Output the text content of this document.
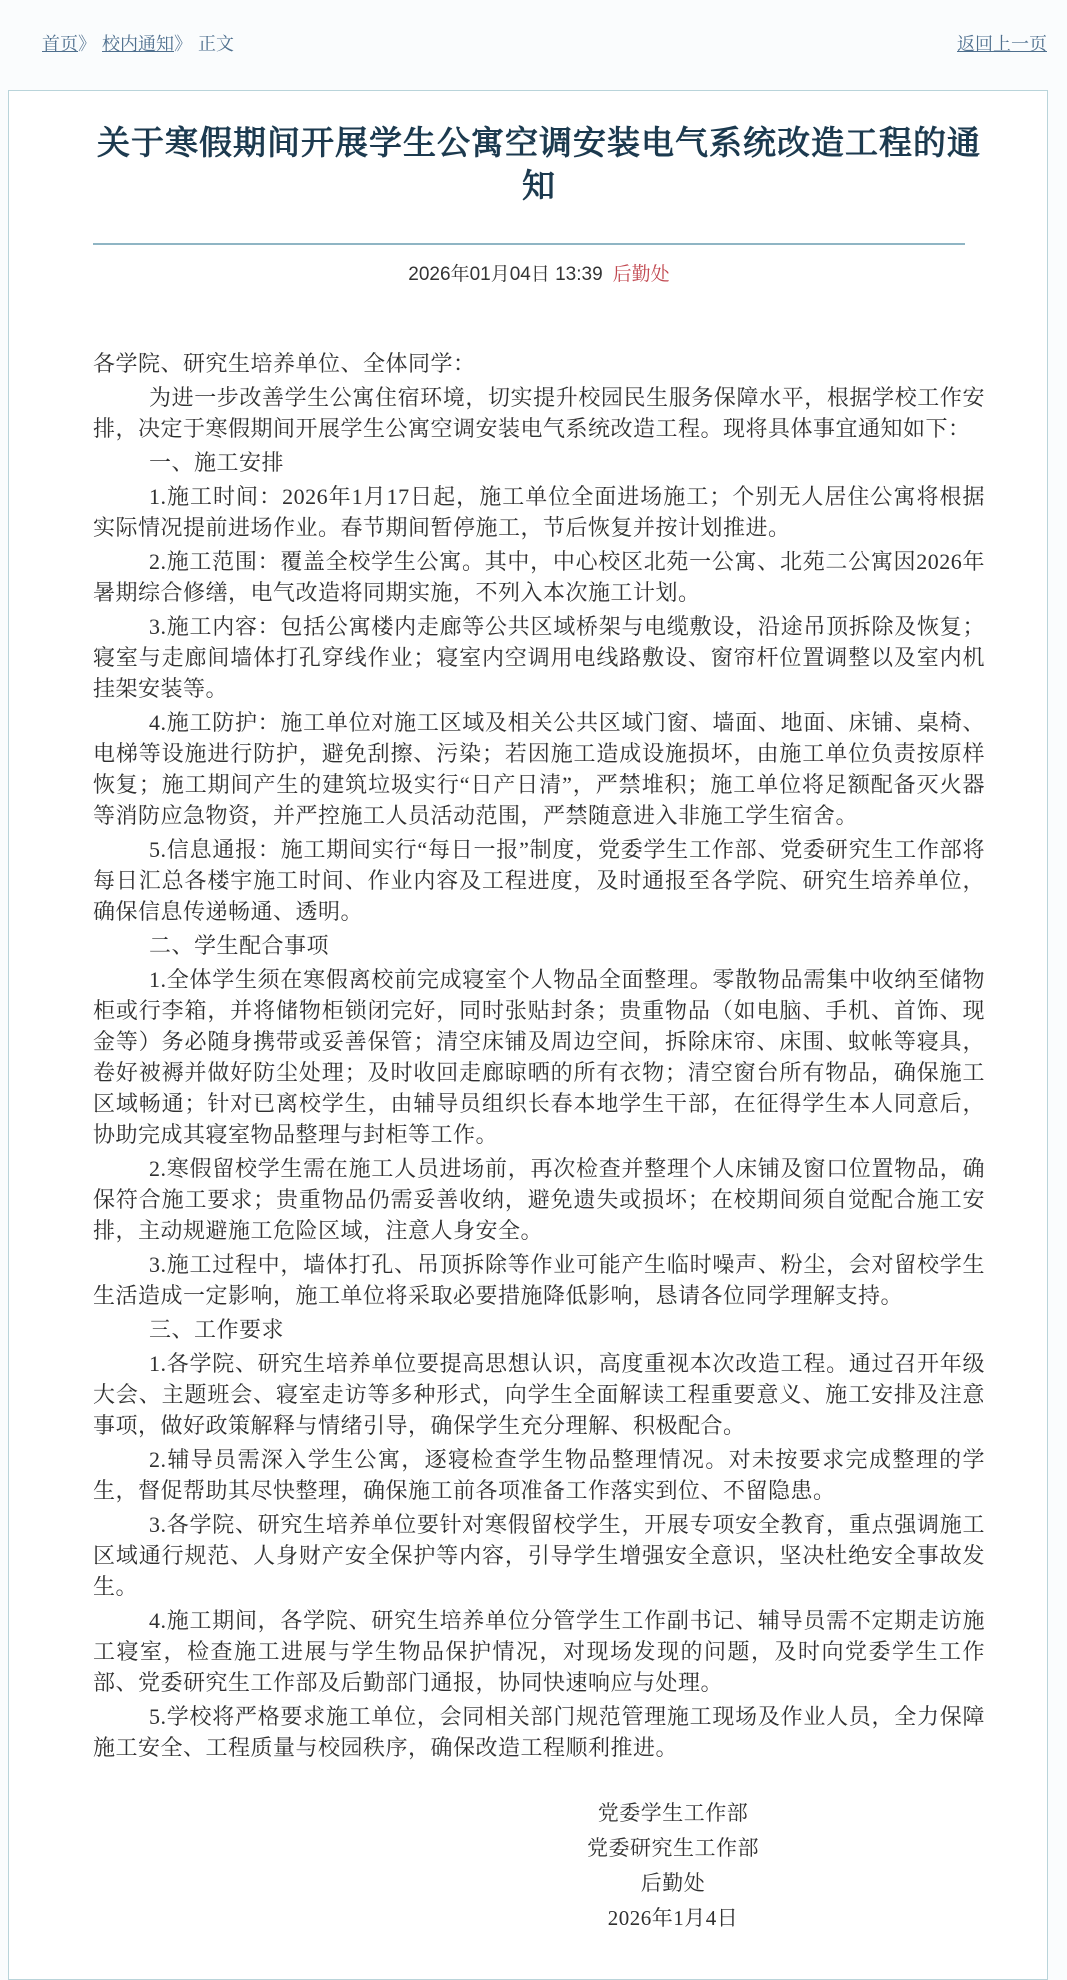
首页》 校内通知》 正文	返回上一页
关于寒假期间开展学生公寓空调安装电气系统改造工程的通知
2026年01月04日 13:39 后勤处

各学院、研究生培养单位、全体同学：

为进一步改善学生公寓住宿环境，切实提升校园民生服务保障水平，根据学校工作安排，决定于寒假期间开展学生公寓空调安装电气系统改造工程。现将具体事宜通知如下：

一、施工安排

1.施工时间：2026年1月17日起，施工单位全面进场施工；个别无人居住公寓将根据实际情况提前进场作业。春节期间暂停施工，节后恢复并按计划推进。

2.施工范围：覆盖全校学生公寓。其中，中心校区北苑一公寓、北苑二公寓因2026年暑期综合修缮，电气改造将同期实施，不列入本次施工计划。

3.施工内容：包括公寓楼内走廊等公共区域桥架与电缆敷设，沿途吊顶拆除及恢复；寝室与走廊间墙体打孔穿线作业；寝室内空调用电线路敷设、窗帘杆位置调整以及室内机挂架安装等。

4.施工防护：施工单位对施工区域及相关公共区域门窗、墙面、地面、床铺、桌椅、电梯等设施进行防护，避免刮擦、污染；若因施工造成设施损坏，由施工单位负责按原样恢复；施工期间产生的建筑垃圾实行“日产日清”，严禁堆积；施工单位将足额配备灭火器等消防应急物资，并严控施工人员活动范围，严禁随意进入非施工学生宿舍。

5.信息通报：施工期间实行“每日一报”制度，党委学生工作部、党委研究生工作部将每日汇总各楼宇施工时间、作业内容及工程进度，及时通报至各学院、研究生培养单位，确保信息传递畅通、透明。

二、学生配合事项

1.全体学生须在寒假离校前完成寝室个人物品全面整理。零散物品需集中收纳至储物柜或行李箱，并将储物柜锁闭完好，同时张贴封条；贵重物品（如电脑、手机、首饰、现金等）务必随身携带或妥善保管；清空床铺及周边空间，拆除床帘、床围、蚊帐等寝具，卷好被褥并做好防尘处理；及时收回走廊晾晒的所有衣物；清空窗台所有物品，确保施工区域畅通；针对已离校学生，由辅导员组织长春本地学生干部，在征得学生本人同意后，协助完成其寝室物品整理与封柜等工作。

2.寒假留校学生需在施工人员进场前，再次检查并整理个人床铺及窗口位置物品，确保符合施工要求；贵重物品仍需妥善收纳，避免遗失或损坏；在校期间须自觉配合施工安排，主动规避施工危险区域，注意人身安全。

3.施工过程中，墙体打孔、吊顶拆除等作业可能产生临时噪声、粉尘，会对留校学生生活造成一定影响，施工单位将采取必要措施降低影响，恳请各位同学理解支持。

三、工作要求

1.各学院、研究生培养单位要提高思想认识，高度重视本次改造工程。通过召开年级大会、主题班会、寝室走访等多种形式，向学生全面解读工程重要意义、施工安排及注意事项，做好政策解释与情绪引导，确保学生充分理解、积极配合。

2.辅导员需深入学生公寓，逐寝检查学生物品整理情况。对未按要求完成整理的学生，督促帮助其尽快整理，确保施工前各项准备工作落实到位、不留隐患。

3.各学院、研究生培养单位要针对寒假留校学生，开展专项安全教育，重点强调施工区域通行规范、人身财产安全保护等内容，引导学生增强安全意识，坚决杜绝安全事故发生。

4.施工期间，各学院、研究生培养单位分管学生工作副书记、辅导员需不定期走访施工寝室，检查施工进展与学生物品保护情况，对现场发现的问题，及时向党委学生工作部、党委研究生工作部及后勤部门通报，协同快速响应与处理。

5.学校将严格要求施工单位，会同相关部门规范管理施工现场及作业人员，全力保障施工安全、工程质量与校园秩序，确保改造工程顺利推进。

党委学生工作部
党委研究生工作部
后勤处
2026年1月4日
